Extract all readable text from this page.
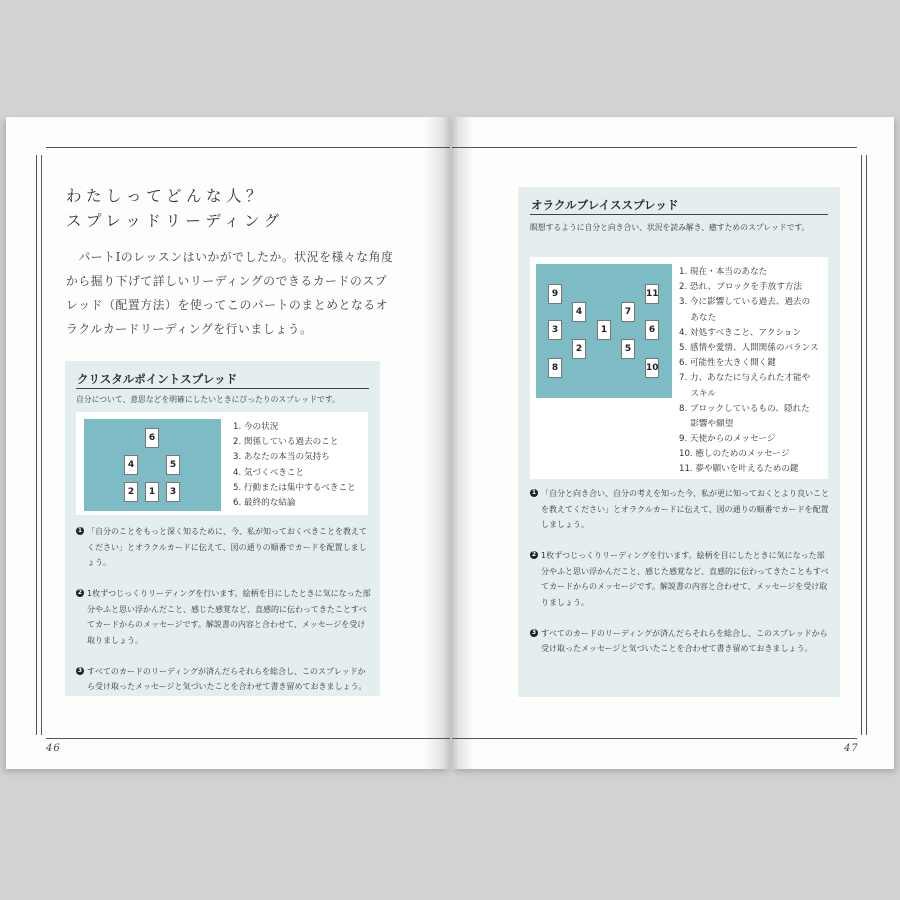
わたしってどんな人？
スプレッドリーディング
　パートⅠのレッスンはいかがでしたか。状況を様々な角度から掘り下げて詳しいリーディングのできるカードのスプレッド（配置方法）を使ってこのパートのまとめとなるオラクルカードリーディングを行いましょう。
クリスタルポイントスプレッド
自分について、意思などを明確にしたいときにぴったりのスプレッドです。
6
4	5
2	1	3
1. 今の状況
2. 関係している過去のこと
3. あなたの本当の気持ち
4. 気づくべきこと
5. 行動または集中するべきこと
6. 最終的な結論
1 「自分のことをもっと深く知るために、今、私が知っておくべきことを教えてください」とオラクルカードに伝えて、図の通りの順番でカードを配置しましょう。
2 1枚ずつじっくりリーディングを行います。絵柄を目にしたときに気になった部分やふと思い浮かんだこと、感じた感覚など、直感的に伝わってきたことすべてカードからのメッセージです。解説書の内容と合わせて、メッセージを受け取りましょう。
3 すべてのカードのリーディングが済んだらそれらを総合し、このスプレッドから受け取ったメッセージと気づいたことを合わせて書き留めておきましょう。
46
オラクルブレイススプレッド
瞑想するように自分と向き合い、状況を読み解き、癒すためのスプレッドです。
9	11
4	7
3	1	6
2	5
8	10
1. 現在・本当のあなた
2. 恐れ、ブロックを手放す方法
3. 今に影響している過去、過去の
　 あなた
4. 対処すべきこと、アクション
5. 感情や愛情、人間関係のバランス
6. 可能性を大きく開く鍵
7. 力、あなたに与えられた才能や
　 スキル
8. ブロックしているもの、隠れた
　 影響や願望
9. 天使からのメッセージ
10. 癒しのためのメッセージ
11. 夢や願いを叶えるための鍵
1 「自分と向き合い、自分の考えを知った今、私が更に知っておくとより良いことを教えてください」とオラクルカードに伝えて、図の通りの順番でカードを配置しましょう。
2 1枚ずつじっくりリーディングを行います。絵柄を目にしたときに気になった部分やふと思い浮かんだこと、感じた感覚など、直感的に伝わってきたこともすべてカードからのメッセージです。解説書の内容と合わせて、メッセージを受け取りましょう。
3 すべてのカードのリーディングが済んだらそれらを総合し、このスプレッドから受け取ったメッセージと気づいたことを合わせて書き留めておきましょう。
47
